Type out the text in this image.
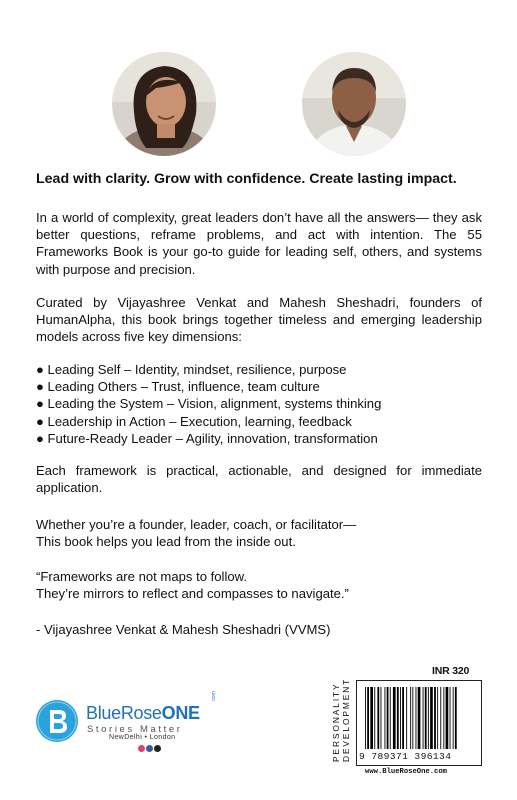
Lead with clarity. Grow with confidence. Create lasting impact.
In a world of complexity, great leaders don’t have all the answers— they ask better questions, reframe problems, and act with intention. The 55 Frameworks Book is your go-to guide for leading self, others, and systems with purpose and precision.
Curated by Vijayashree Venkat and Mahesh Sheshadri, founders of HumanAlpha, this book brings together timeless and emerging leadership models across five key dimensions:
● Leading Self – Identity, mindset, resilience, purpose
● Leading Others – Trust, influence, team culture
● Leading the System – Vision, alignment, systems thinking
● Leadership in Action – Execution, learning, feedback
● Future-Ready Leader – Agility, innovation, transformation
Each framework is practical, actionable, and designed for immediate application.
Whether you’re a founder, leader, coach, or facilitator—
This book helps you lead from the inside out.
“Frameworks are not maps to follow.
They’re mirrors to reflect and compasses to navigate.”
- Vijayashree Venkat & Mahesh Sheshadri (VVMS)
BlueRoseONE
.com
Stories Matter
NewDelhi • London
INR 320
PERSONALITY DEVELOPMENT 9 789371 396134
www.BlueRoseOne.com
